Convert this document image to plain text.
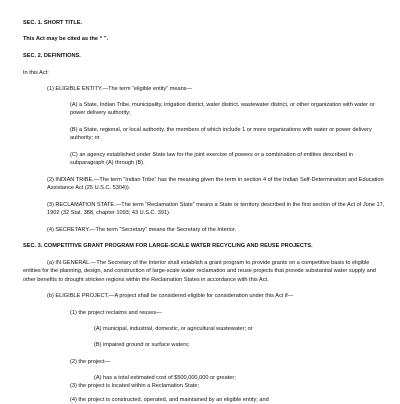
SEC. 1. SHORT TITLE.
This Act may be cited as the “ ”.
SEC. 2. DEFINITIONS.
In this Act:
(1) ELIGIBLE ENTITY.—The term “eligible entity” means—
(A) a State, Indian Tribe, municipality, irrigation district, water district, wastewater district, or other organization with water or power delivery authority;
(B) a State, regional, or local authority, the members of which include 1 or more organizations with water or power delivery authority; or
(C) an agency established under State law for the joint exercise of powers or a combination of entities described in subparagraph (A) through (B).
(2) INDIAN TRIBE.—The term “Indian Tribe” has the meaning given the term in section 4 of the Indian Self-Determination and Education Assistance Act (25 U.S.C. 5304)).
(3) RECLAMATION STATE.—The term “Reclamation State” means a State or territory described in the first section of the Act of June 17, 1902 (32 Stat. 388, chapter 1093; 43 U.S.C. 391).
(4) SECRETARY.—The term “Secretary” means the Secretary of the Interior.
SEC. 3. COMPETITIVE GRANT PROGRAM FOR LARGE-SCALE WATER RECYCLING AND REUSE PROJECTS.
(a) IN GENERAL.—The Secretary of the Interior shall establish a grant program to provide grants on a competitive basis to eligible entities for the planning, design, and construction of large-scale water reclamation and reuse projects that provide substantial water supply and other benefits to drought stricken regions within the Reclamation States in accordance with this Act.
(b) ELIGIBLE PROJECT.—A project shall be considered eligible for consideration under this Act if—
(1) the project reclaims and reuses—
(A) municipal, industrial, domestic, or agricultural wastewater; or
(B) impaired ground or surface waters;
(2) the project—
(A) has a total estimated cost of $500,000,000 or greater;
(3) the project is located within a Reclamation State;
(4) the project is constructed, operated, and maintained by an eligible entity; and
